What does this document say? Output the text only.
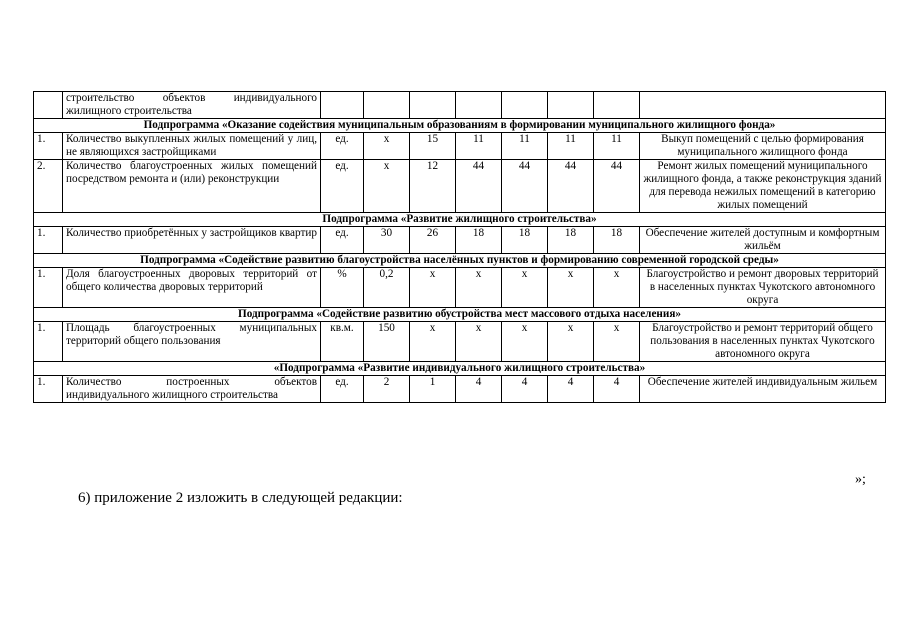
	строительство объектов индивидуального жилищного строительства								
Подпрограмма «Оказание содействия муниципальным образованиям в формировании муниципального жилищного фонда»									
1.	Количество выкупленных жилых помещений у лиц, не являющихся застройщиками	ед.	х	15	11	11	11	11	Выкуп помещений с целью формирования муниципального жилищного фонда
2.	Количество благоустроенных жилых помещений посредством ремонта и (или) реконструкции	ед.	х	12	44	44	44	44	Ремонт жилых помещений муниципального жилищного фонда, а также реконструкция зданий для перевода нежилых помещений в категорию жилых помещений
Подпрограмма «Развитие жилищного строительства»									
1.	Количество приобретённых у застройщиков квартир	ед.	30	26	18	18	18	18	Обеспечение жителей доступным и комфортным жильём
Подпрограмма «Содействие развитию благоустройства населённых пунктов и формированию современной городской среды»									
1.	Доля благоустроенных дворовых территорий от общего количества дворовых территорий	%	0,2	х	х	х	х	х	Благоустройство и ремонт дворовых территорий в населенных пунктах Чукотского автономного округа
Подпрограмма «Содействие развитию обустройства мест массового отдыха населения»									
1.	Площадь благоустроенных муниципальных территорий общего пользования	кв.м.	150	х	х	х	х	х	Благоустройство и ремонт территорий общего пользования в населенных пунктах Чукотского автономного округа
«Подпрограмма «Развитие индивидуального жилищного строительства»									
1.	Количество построенных объектов индивидуального жилищного строительства	ед.	2	1	4	4	4	4	Обеспечение жителей индивидуальным жильем
»;
6) приложение 2 изложить в следующей редакции:
